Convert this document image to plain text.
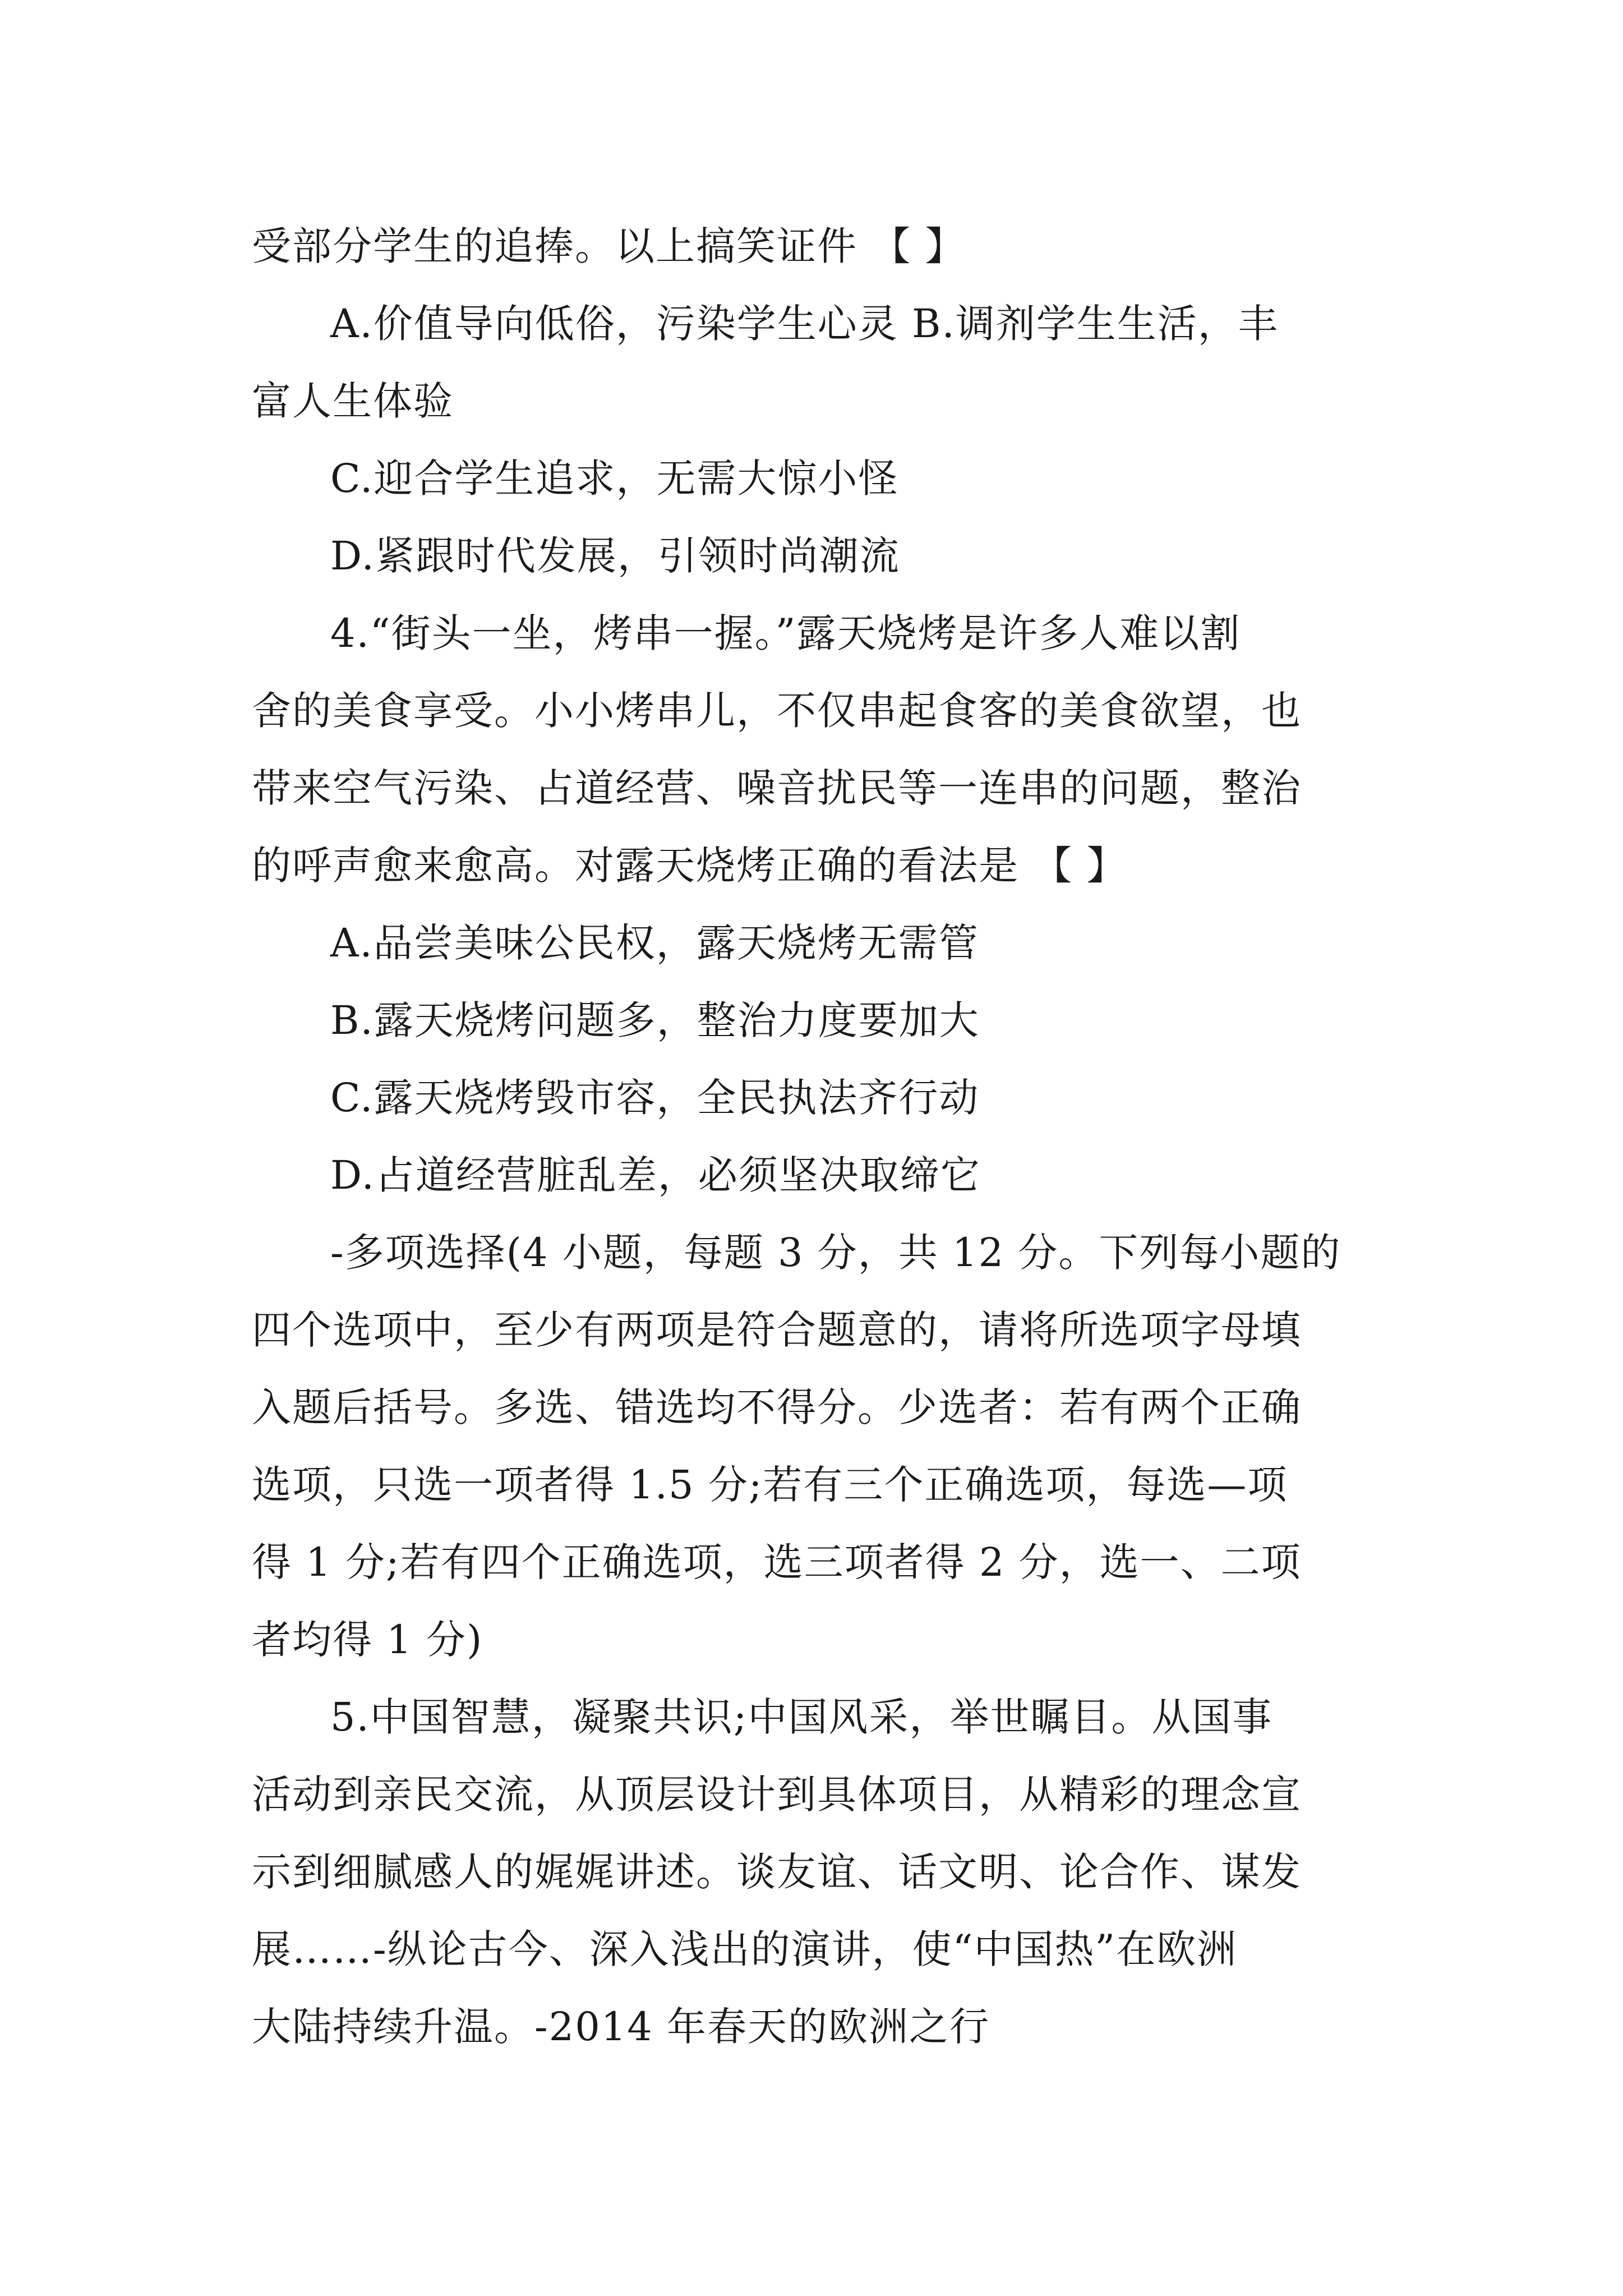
受部分学生的追捧。以上搞笑证件 【 】
A.价值导向低俗，污染学生心灵 B.调剂学生生活，丰
富人生体验
C.迎合学生追求，无需大惊小怪
D.紧跟时代发展，引领时尚潮流
4.“街头一坐，烤串一握。”露天烧烤是许多人难以割
舍的美食享受。小小烤串儿，不仅串起食客的美食欲望，也
带来空气污染、占道经营、噪音扰民等一连串的问题，整治
的呼声愈来愈高。对露天烧烤正确的看法是 【 】
A.品尝美味公民权，露天烧烤无需管
B.露天烧烤问题多，整治力度要加大
C.露天烧烤毁市容，全民执法齐行动
D.占道经营脏乱差，必须坚决取缔它
-多项选择(4 小题，每题 3 分，共 12 分。下列每小题的
四个选项中，至少有两项是符合题意的，请将所选项字母填
入题后括号。多选、错选均不得分。少选者：若有两个正确
选项，只选一项者得 1.5 分;若有三个正确选项，每选—项
得 1 分;若有四个正确选项，选三项者得 2 分，选一、二项
者均得 1 分)
5.中国智慧，凝聚共识;中国风采，举世瞩目。从国事
活动到亲民交流，从顶层设计到具体项目，从精彩的理念宣
示到细腻感人的娓娓讲述。谈友谊、话文明、论合作、谋发
展……-纵论古今、深入浅出的演讲，使“中国热”在欧洲
大陆持续升温。-2014 年春天的欧洲之行
